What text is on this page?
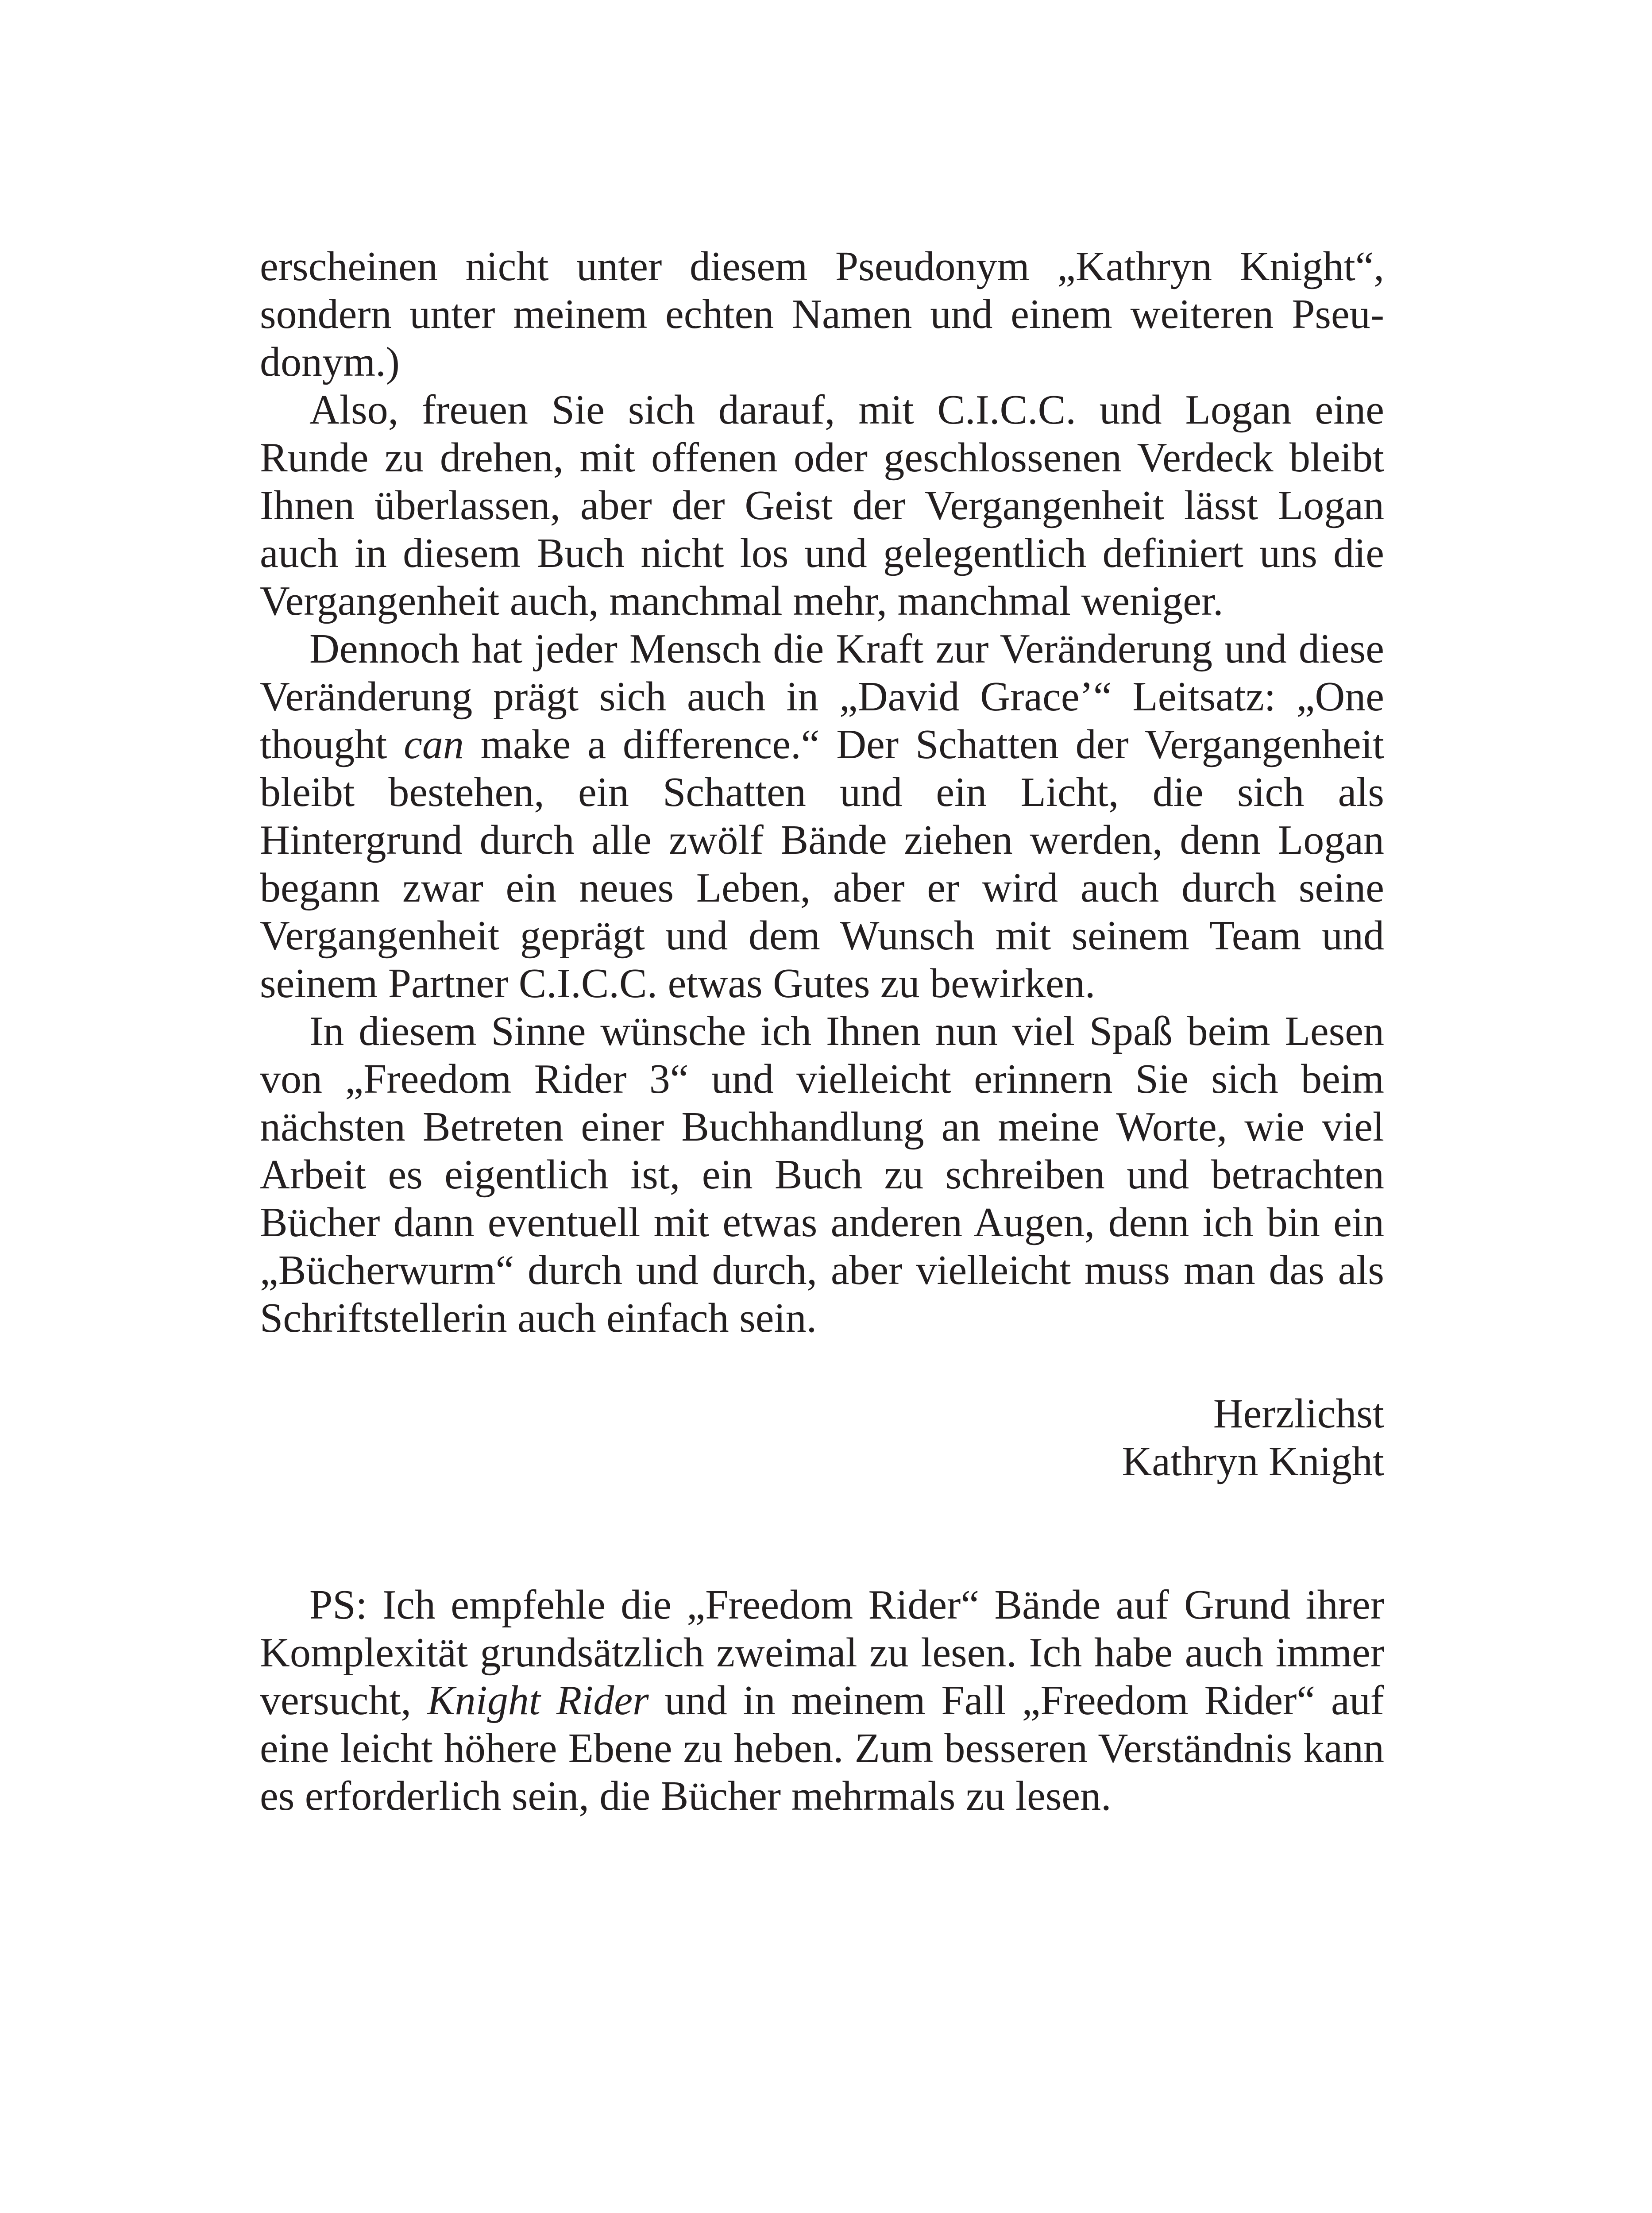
erscheinen nicht unter diesem Pseudonym „Kathryn Knight“, sondern unter meinem echten Namen und einem weiteren Pseudonym.)

Also, freuen Sie sich darauf, mit C.I.C.C. und Logan eine Runde zu drehen, mit offenen oder geschlossenen Verdeck bleibt Ihnen überlassen, aber der Geist der Vergangenheit lässt Logan auch in diesem Buch nicht los und gelegentlich definiert uns die Vergangenheit auch, manchmal mehr, manchmal weniger.

Dennoch hat jeder Mensch die Kraft zur Veränderung und diese Veränderung prägt sich auch in „David Grace’“ Leitsatz: „One thought can make a difference.“ Der Schatten der Vergangenheit bleibt bestehen, ein Schatten und ein Licht, die sich als Hintergrund durch alle zwölf Bände ziehen werden, denn Logan begann zwar ein neues Leben, aber er wird auch durch seine Vergangenheit geprägt und dem Wunsch mit seinem Team und seinem Partner C.I.C.C. etwas Gutes zu bewirken.

In diesem Sinne wünsche ich Ihnen nun viel Spaß beim Lesen von „Freedom Rider 3“ und vielleicht erinnern Sie sich beim nächsten Betreten einer Buchhandlung an meine Worte, wie viel Arbeit es eigentlich ist, ein Buch zu schreiben und betrachten Bücher dann eventuell mit etwas anderen Augen, denn ich bin ein „Bücherwurm“ durch und durch, aber vielleicht muss man das als Schriftstellerin auch einfach sein.

Herzlichst
Kathryn Knight

PS: Ich empfehle die „Freedom Rider“ Bände auf Grund ihrer Komplexität grundsätzlich zweimal zu lesen. Ich habe auch immer versucht, Knight Rider und in meinem Fall „Freedom Rider“ auf eine leicht höhere Ebene zu heben. Zum besseren Verständnis kann es erforderlich sein, die Bücher mehrmals zu lesen.
